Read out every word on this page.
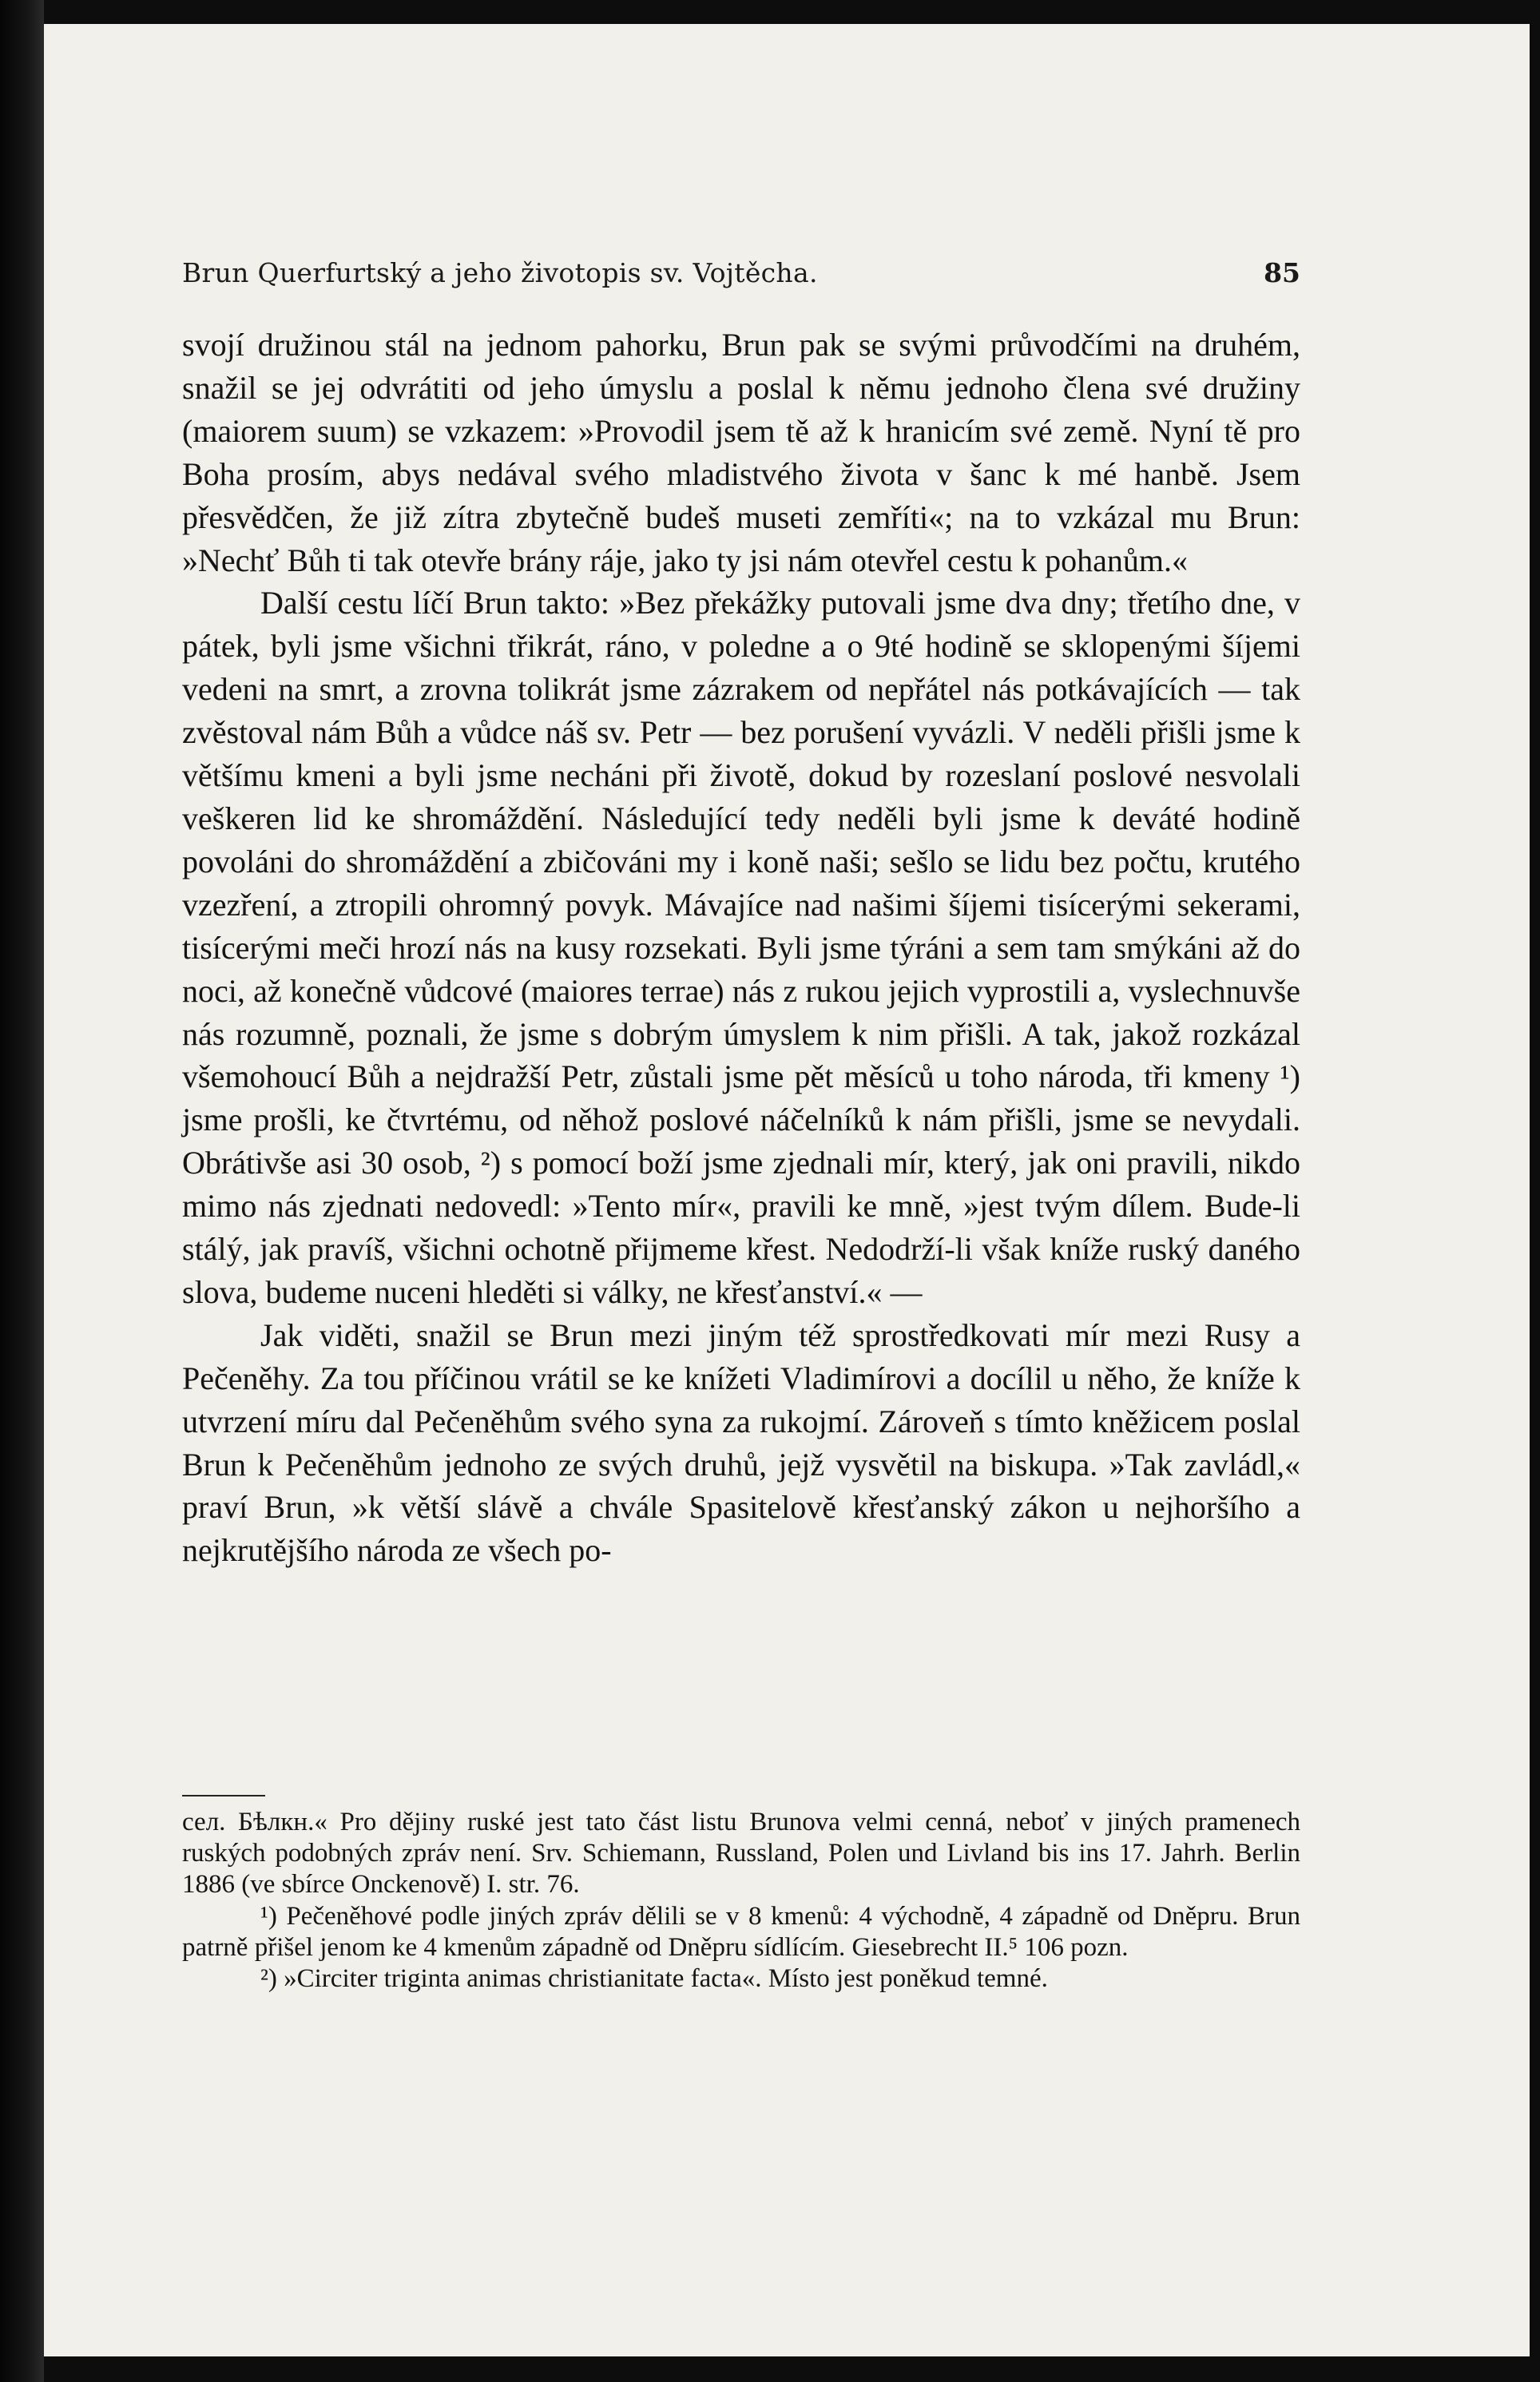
Brun Querfurtský a jeho životopis sv. Vojtěcha.	85

svojí družinou stál na jednom pahorku, Brun pak se svými průvodčími na druhém, snažil se jej odvrátiti od jeho úmyslu a poslal k němu jednoho člena své družiny (maiorem suum) se vzkazem: »Provodil jsem tě až k hranicím své země. Nyní tě pro Boha prosím, abys nedával svého mladistvého života v šanc k mé hanbě. Jsem přesvědčen, že již zítra zbytečně budeš museti zemříti«; na to vzkázal mu Brun: »Nechť Bůh ti tak otevře brány ráje, jako ty jsi nám otevřel cestu k pohanům.«

Další cestu líčí Brun takto: »Bez překážky putovali jsme dva dny; třetího dne, v pátek, byli jsme všichni třikrát, ráno, v poledne a o 9té hodině se sklopenými šíjemi vedeni na smrt, a zrovna tolikrát jsme zázrakem od nepřátel nás potkávajících — tak zvěstoval nám Bůh a vůdce náš sv. Petr — bez porušení vyvázli. V neděli přišli jsme k většímu kmeni a byli jsme necháni při životě, dokud by rozeslaní poslové nesvolali veškeren lid ke shromáždění. Následující tedy neděli byli jsme k deváté hodině povoláni do shromáždění a zbičováni my i koně naši; sešlo se lidu bez počtu, krutého vzezření, a ztropili ohromný povyk. Mávajíce nad našimi šíjemi tisícerými sekerami, tisícerými meči hrozí nás na kusy rozsekati. Byli jsme týráni a sem tam smýkáni až do noci, až konečně vůdcové (maiores terrae) nás z rukou jejich vyprostili a, vyslechnuvše nás rozumně, poznali, že jsme s dobrým úmyslem k nim přišli. A tak, jakož rozkázal všemohoucí Bůh a nejdražší Petr, zůstali jsme pět měsíců u toho národa, tři kmeny ¹) jsme prošli, ke čtvrtému, od něhož poslové náčelníků k nám přišli, jsme se nevydali. Obrátivše asi 30 osob, ²) s pomocí boží jsme zjednali mír, který, jak oni pravili, nikdo mimo nás zjednati nedovedl: »Tento mír«, pravili ke mně, »jest tvým dílem. Bude-li stálý, jak pravíš, všichni ochotně přijmeme křest. Nedodrží-li však kníže ruský daného slova, budeme nuceni hleděti si války, ne křesťanství.« —

Jak viděti, snažil se Brun mezi jiným též sprostředkovati mír mezi Rusy a Pečeněhy. Za tou příčinou vrátil se ke knížeti Vladimírovi a docílil u něho, že kníže k utvrzení míru dal Pečeněhům svého syna za rukojmí. Zároveň s tímto kněžicem poslal Brun k Pečeněhům jednoho ze svých druhů, jejž vysvětil na biskupa. »Tak zavládl,« praví Brun, »k větší slávě a chvále Spasitelově křesťanský zákon u nejhoršího a nejkrutějšího národa ze všech po-

сел. Бѣлкн.« Pro dějiny ruské jest tato část listu Brunova velmi cenná, neboť v jiných pramenech ruských podobných zpráv není. Srv. Schiemann, Russland, Polen und Livland bis ins 17. Jahrh. Berlin 1886 (ve sbírce Onckenově) I. str. 76.

¹) Pečeněhové podle jiných zpráv dělili se v 8 kmenů: 4 východně, 4 západně od Dněpru. Brun patrně přišel jenom ke 4 kmenům západně od Dněpru sídlícím. Giesebrecht II.⁵ 106 pozn.

²) »Circiter triginta animas christianitate facta«. Místo jest poněkud temné.
